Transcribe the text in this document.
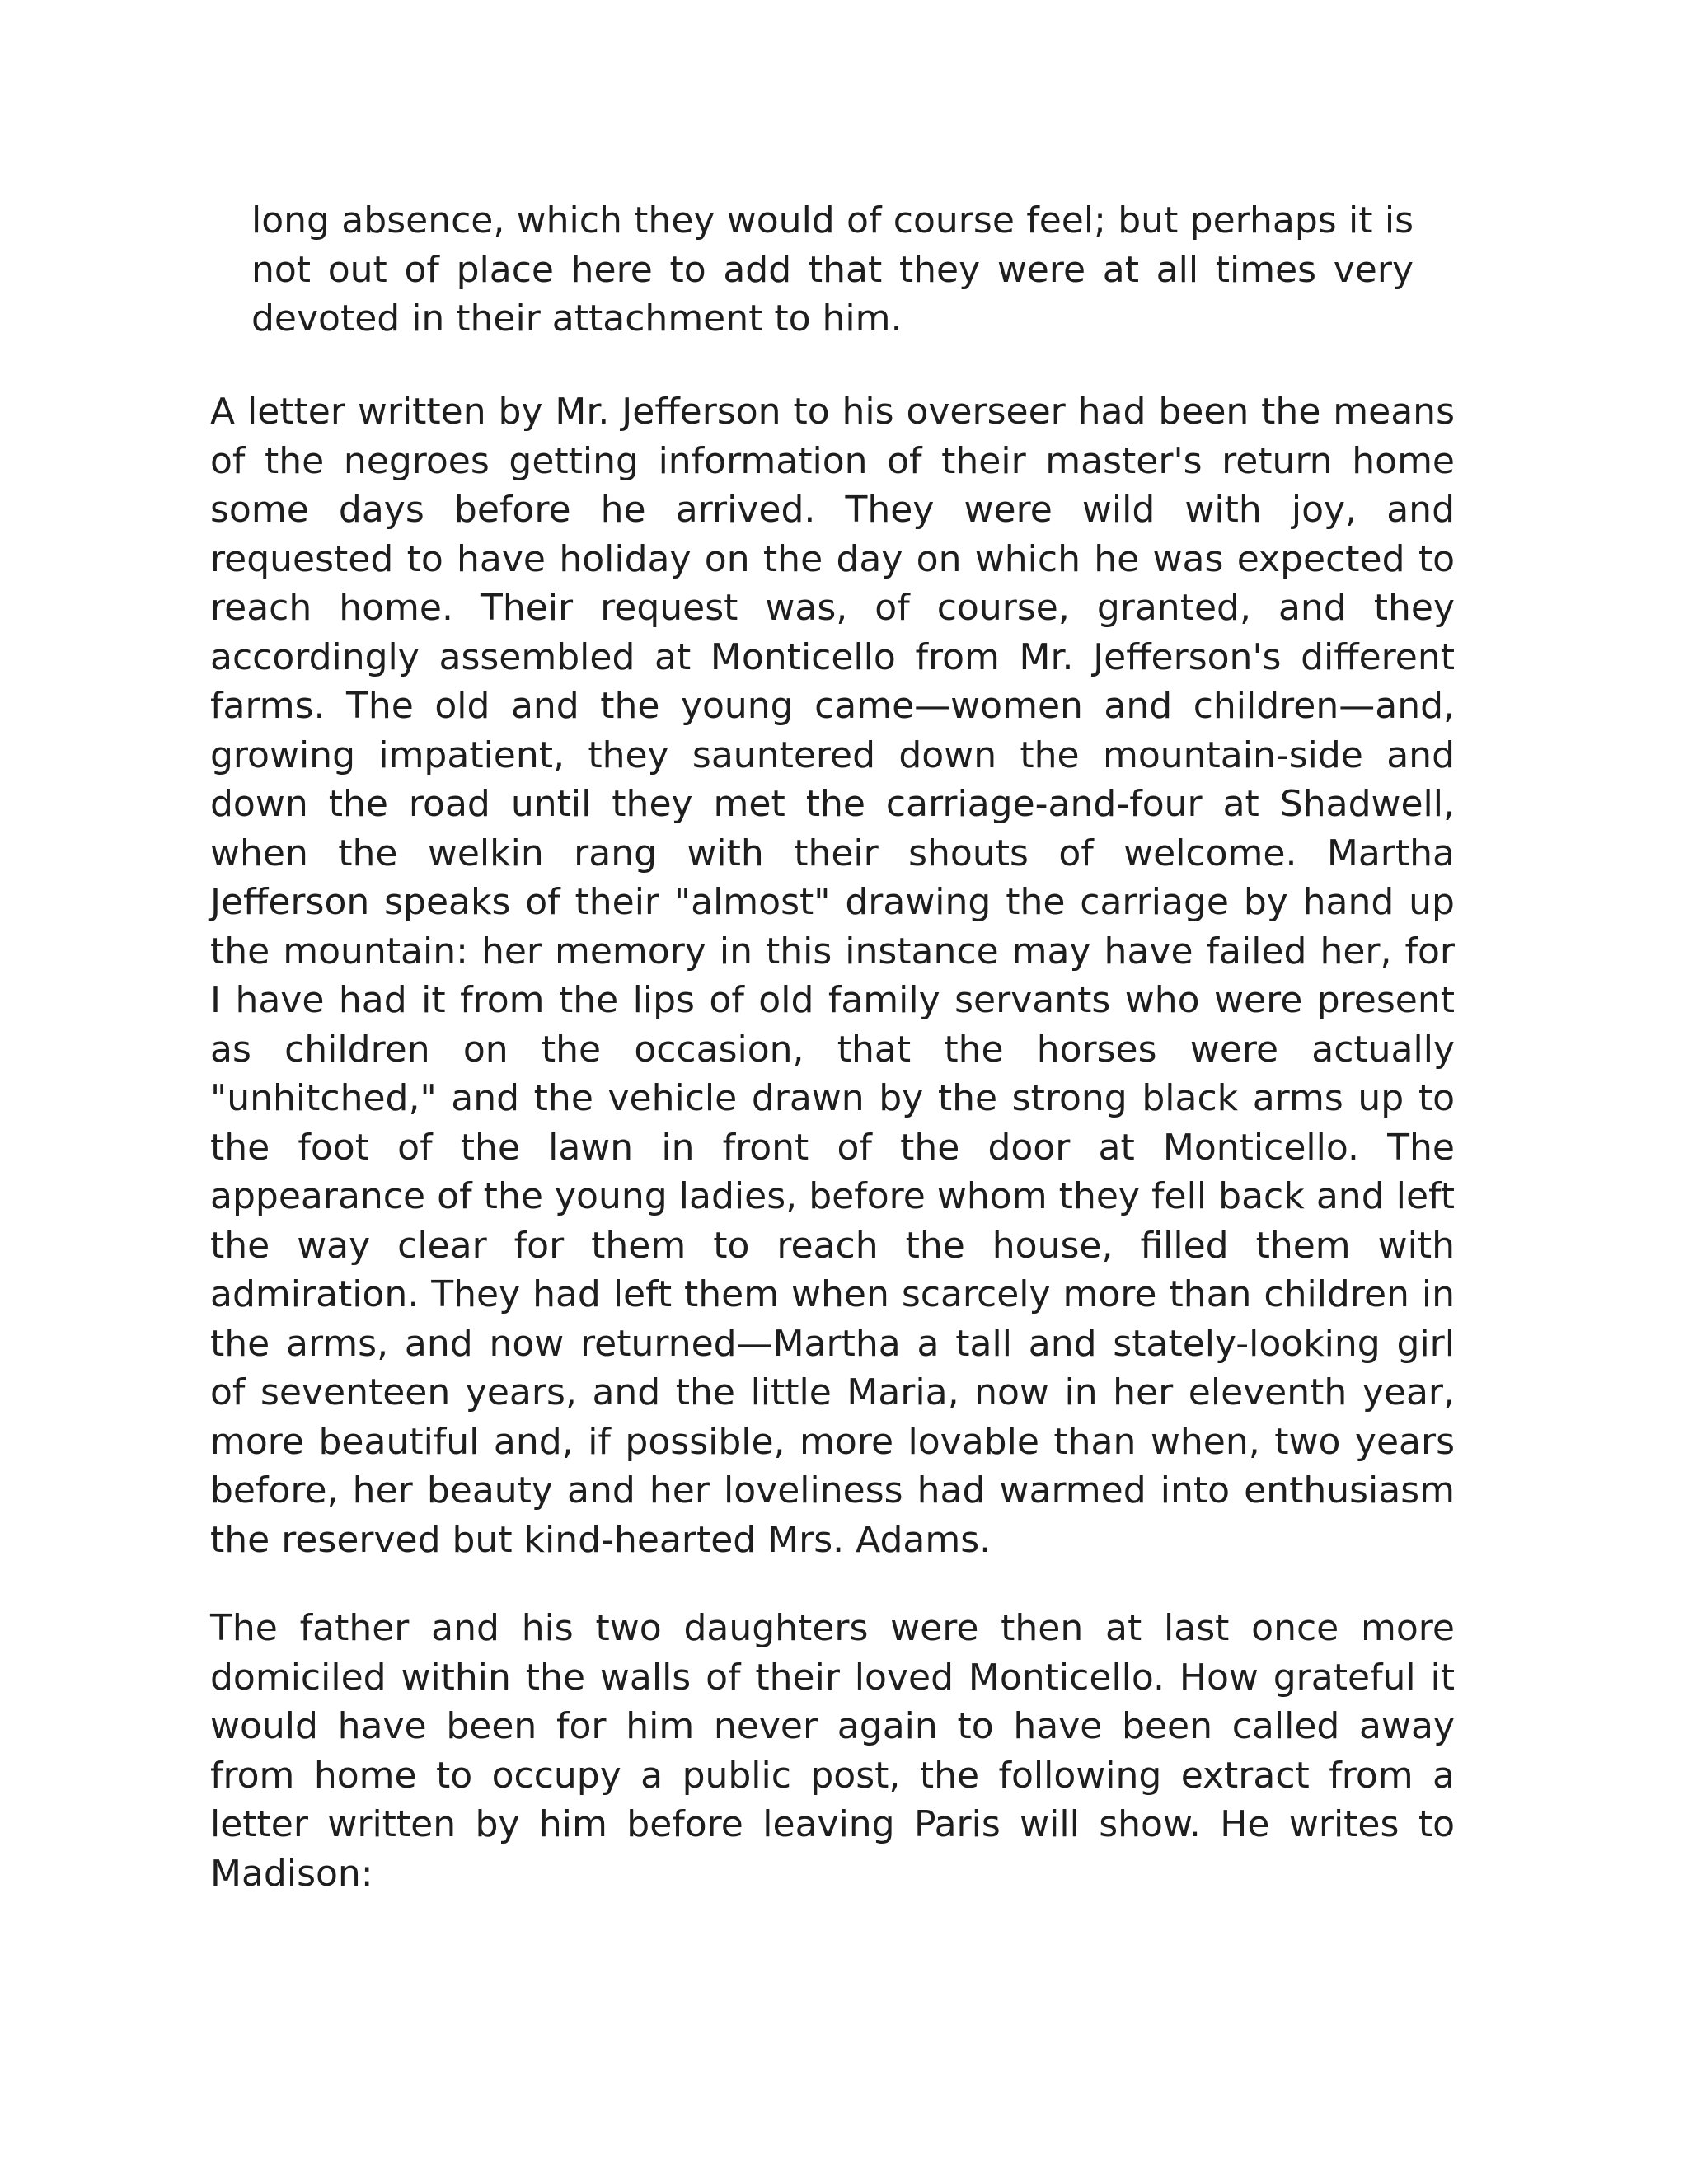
long absence, which they would of course feel; but perhaps it is not out of place here to add that they were at all times very devoted in their attachment to him.

A letter written by Mr. Jefferson to his overseer had been the means of the negroes getting information of their master's return home some days before he arrived. They were wild with joy, and requested to have holiday on the day on which he was expected to reach home. Their request was, of course, granted, and they accordingly assembled at Monticello from Mr. Jefferson's different farms. The old and the young came—women and children—and, growing impatient, they sauntered down the mountain-side and down the road until they met the carriage-and-four at Shadwell, when the welkin rang with their shouts of welcome. Martha Jefferson speaks of their "almost" drawing the carriage by hand up the mountain: her memory in this instance may have failed her, for I have had it from the lips of old family servants who were present as children on the occasion, that the horses were actually "unhitched," and the vehicle drawn by the strong black arms up to the foot of the lawn in front of the door at Monticello. The appearance of the young ladies, before whom they fell back and left the way clear for them to reach the house, filled them with admiration. They had left them when scarcely more than children in the arms, and now returned—Martha a tall and stately-looking girl of seventeen years, and the little Maria, now in her eleventh year, more beautiful and, if possible, more lovable than when, two years before, her beauty and her loveliness had warmed into enthusiasm the reserved but kind-hearted Mrs. Adams.

The father and his two daughters were then at last once more domiciled within the walls of their loved Monticello. How grateful it would have been for him never again to have been called away from home to occupy a public post, the following extract from a letter written by him before leaving Paris will show. He writes to Madison:
